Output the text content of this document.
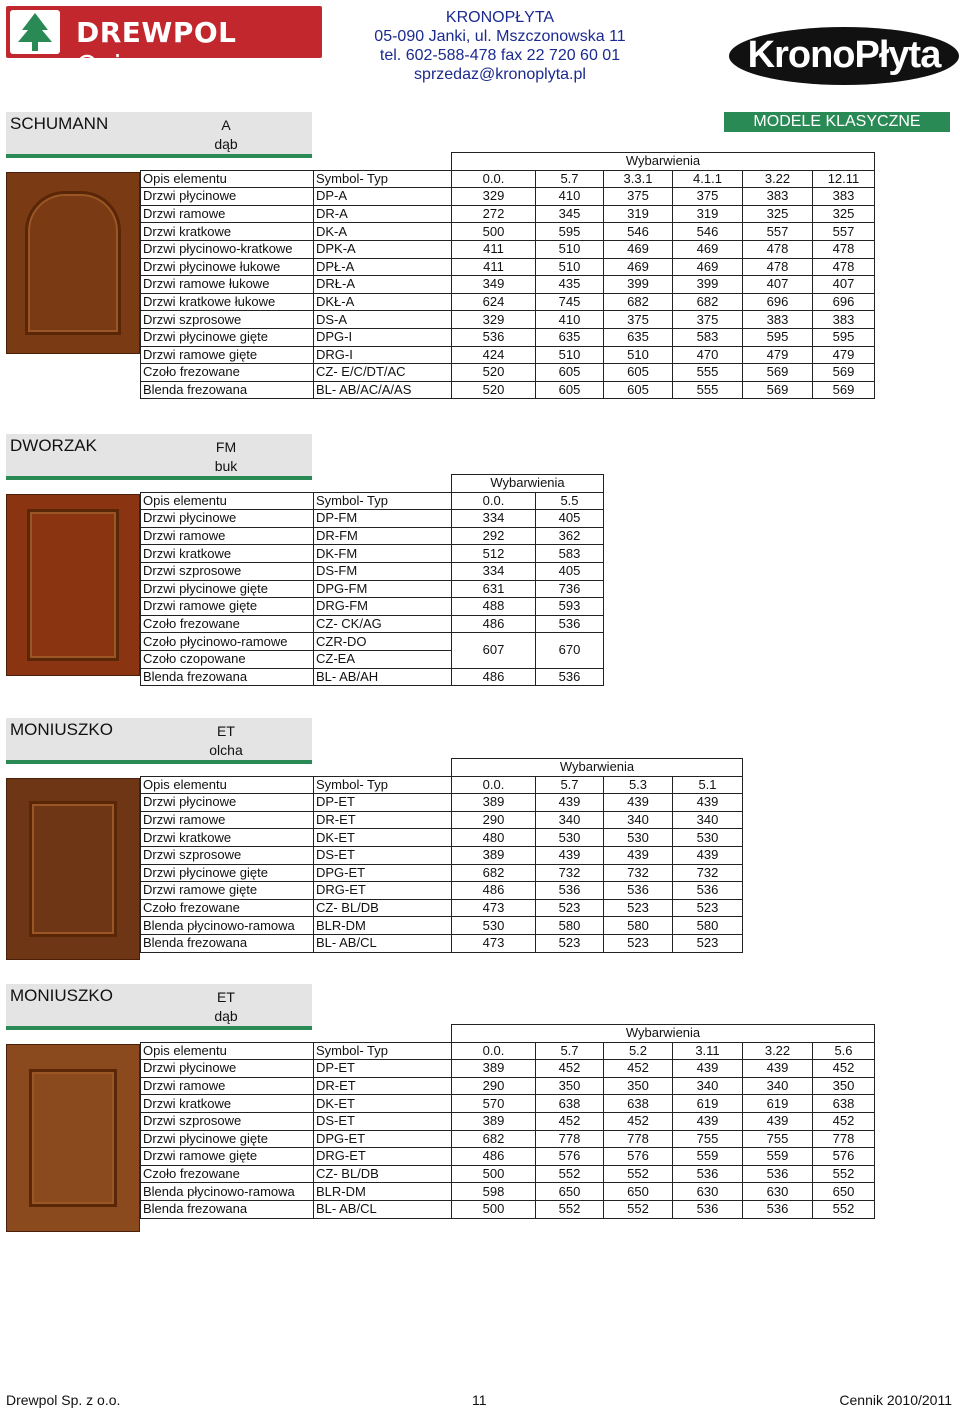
DREWPOL Osina
KRONOPŁYTA
05-090 Janki, ul. Mszczonowska 11
tel. 602-588-478 fax 22 720 60 01
sprzedaz@kronoplyta.pl	KronoPłyta
MODELE KLASYCZNE
SCHUMANN	A
dąb
		Wybarwienia					
Opis elementu	Symbol- Typ	0.0.	5.7	3.3.1	4.1.1	3.22	12.11
Drzwi płycinowe	DP-A	329	410	375	375	383	383
Drzwi ramowe	DR-A	272	345	319	319	325	325
Drzwi kratkowe	DK-A	500	595	546	546	557	557
Drzwi płycinowo-kratkowe	DPK-A	411	510	469	469	478	478
Drzwi płycinowe łukowe	DPŁ-A	411	510	469	469	478	478
Drzwi ramowe łukowe	DRŁ-A	349	435	399	399	407	407
Drzwi kratkowe łukowe	DKŁ-A	624	745	682	682	696	696
Drzwi szprosowe	DS-A	329	410	375	375	383	383
Drzwi płycinowe gięte	DPG-I	536	635	635	583	595	595
Drzwi ramowe gięte	DRG-I	424	510	510	470	479	479
Czoło frezowane	CZ- E/C/DT/AC	520	605	605	555	569	569
Blenda frezowana	BL- AB/AC/A/AS	520	605	605	555	569	569
DWORZAK	FM
buk
		Wybarwienia	
Opis elementu	Symbol- Typ	0.0.	5.5
Drzwi płycinowe	DP-FM	334	405
Drzwi ramowe	DR-FM	292	362
Drzwi kratkowe	DK-FM	512	583
Drzwi szprosowe	DS-FM	334	405
Drzwi płycinowe gięte	DPG-FM	631	736
Drzwi ramowe gięte	DRG-FM	488	593
Czoło frezowane	CZ- CK/AG	486	536
Czoło płycinowo-ramowe	CZR-DO	607	670
Czoło czopowane	CZ-EA		
Blenda frezowana	BL- AB/AH	486	536
MONIUSZKO	ET
olcha
		Wybarwienia			
Opis elementu	Symbol- Typ	0.0.	5.7	5.3	5.1
Drzwi płycinowe	DP-ET	389	439	439	439
Drzwi ramowe	DR-ET	290	340	340	340
Drzwi kratkowe	DK-ET	480	530	530	530
Drzwi szprosowe	DS-ET	389	439	439	439
Drzwi płycinowe gięte	DPG-ET	682	732	732	732
Drzwi ramowe gięte	DRG-ET	486	536	536	536
Czoło frezowane	CZ- BL/DB	473	523	523	523
Blenda płycinowo-ramowa	BLR-DM	530	580	580	580
Blenda frezowana	BL- AB/CL	473	523	523	523
MONIUSZKO	ET
dąb
		Wybarwienia					
Opis elementu	Symbol- Typ	0.0.	5.7	5.2	3.11	3.22	5.6
Drzwi płycinowe	DP-ET	389	452	452	439	439	452
Drzwi ramowe	DR-ET	290	350	350	340	340	350
Drzwi kratkowe	DK-ET	570	638	638	619	619	638
Drzwi szprosowe	DS-ET	389	452	452	439	439	452
Drzwi płycinowe gięte	DPG-ET	682	778	778	755	755	778
Drzwi ramowe gięte	DRG-ET	486	576	576	559	559	576
Czoło frezowane	CZ- BL/DB	500	552	552	536	536	552
Blenda płycinowo-ramowa	BLR-DM	598	650	650	630	630	650
Blenda frezowana	BL- AB/CL	500	552	552	536	536	552
Drewpol Sp. z o.o.	11	Cennik 2010/2011
